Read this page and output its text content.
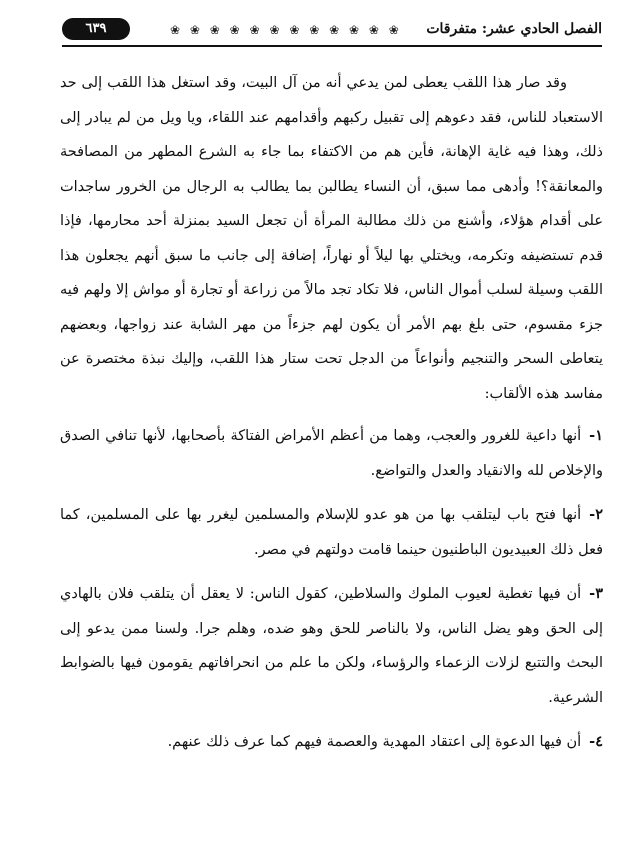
الفصل الحادي عشر: متفرقات
❀ ❀ ❀ ❀ ❀ ❀ ❀ ❀ ❀ ❀ ❀ ❀
٦٣٩

وقد صار هذا اللقب يعطى لمن يدعي أنه من آل البيت، وقد استغل هذا اللقب إلى حد الاستعباد للناس، فقد دعوهم إلى تقبيل ركبهم وأقدامهم عند اللقاء، ويا ويل من لم يبادر إلى ذلك، وهذا فيه غاية الإهانة، فأين هم من الاكتفاء بما جاء به الشرع المطهر من المصافحة والمعانقة؟! وأدهى مما سبق، أن النساء يطالبن بما يطالب به الرجال من الخرور ساجدات على أقدام هؤلاء، وأشنع من ذلك مطالبة المرأة أن تجعل السيد بمنزلة أحد محارمها، فإذا قدم تستضيفه وتكرمه، ويختلي بها ليلاً أو نهاراً، إضافة إلى جانب ما سبق أنهم يجعلون هذا اللقب وسيلة لسلب أموال الناس، فلا تكاد تجد مالاً من زراعة أو تجارة أو مواش إلا ولهم فيه جزء مقسوم، حتى بلغ بهم الأمر أن يكون لهم جزءاً من مهر الشابة عند زواجها، وبعضهم يتعاطى السحر والتنجيم وأنواعاً من الدجل تحت ستار هذا اللقب، وإليك نبذة مختصرة عن مفاسد هذه الألقاب:

١-أنها داعية للغرور والعجب، وهما من أعظم الأمراض الفتاكة بأصحابها، لأنها تنافي الصدق والإخلاص لله والانقياد والعدل والتواضع.

٢-أنها فتح باب ليتلقب بها من هو عدو للإسلام والمسلمين ليغرر بها على المسلمين، كما فعل ذلك العبيديون الباطنيون حينما قامت دولتهم في مصر.

٣-أن فيها تغطية لعيوب الملوك والسلاطين، كقول الناس: لا يعقل أن يتلقب فلان بالهادي إلى الحق وهو يضل الناس، ولا بالناصر للحق وهو ضده، وهلم جرا. ولسنا ممن يدعو إلى البحث والتتبع لزلات الزعماء والرؤساء، ولكن ما علم من انحرافاتهم يقومون فيها بالضوابط الشرعية.

٤-أن فيها الدعوة إلى اعتقاد المهدية والعصمة فيهم كما عرف ذلك عنهم.
